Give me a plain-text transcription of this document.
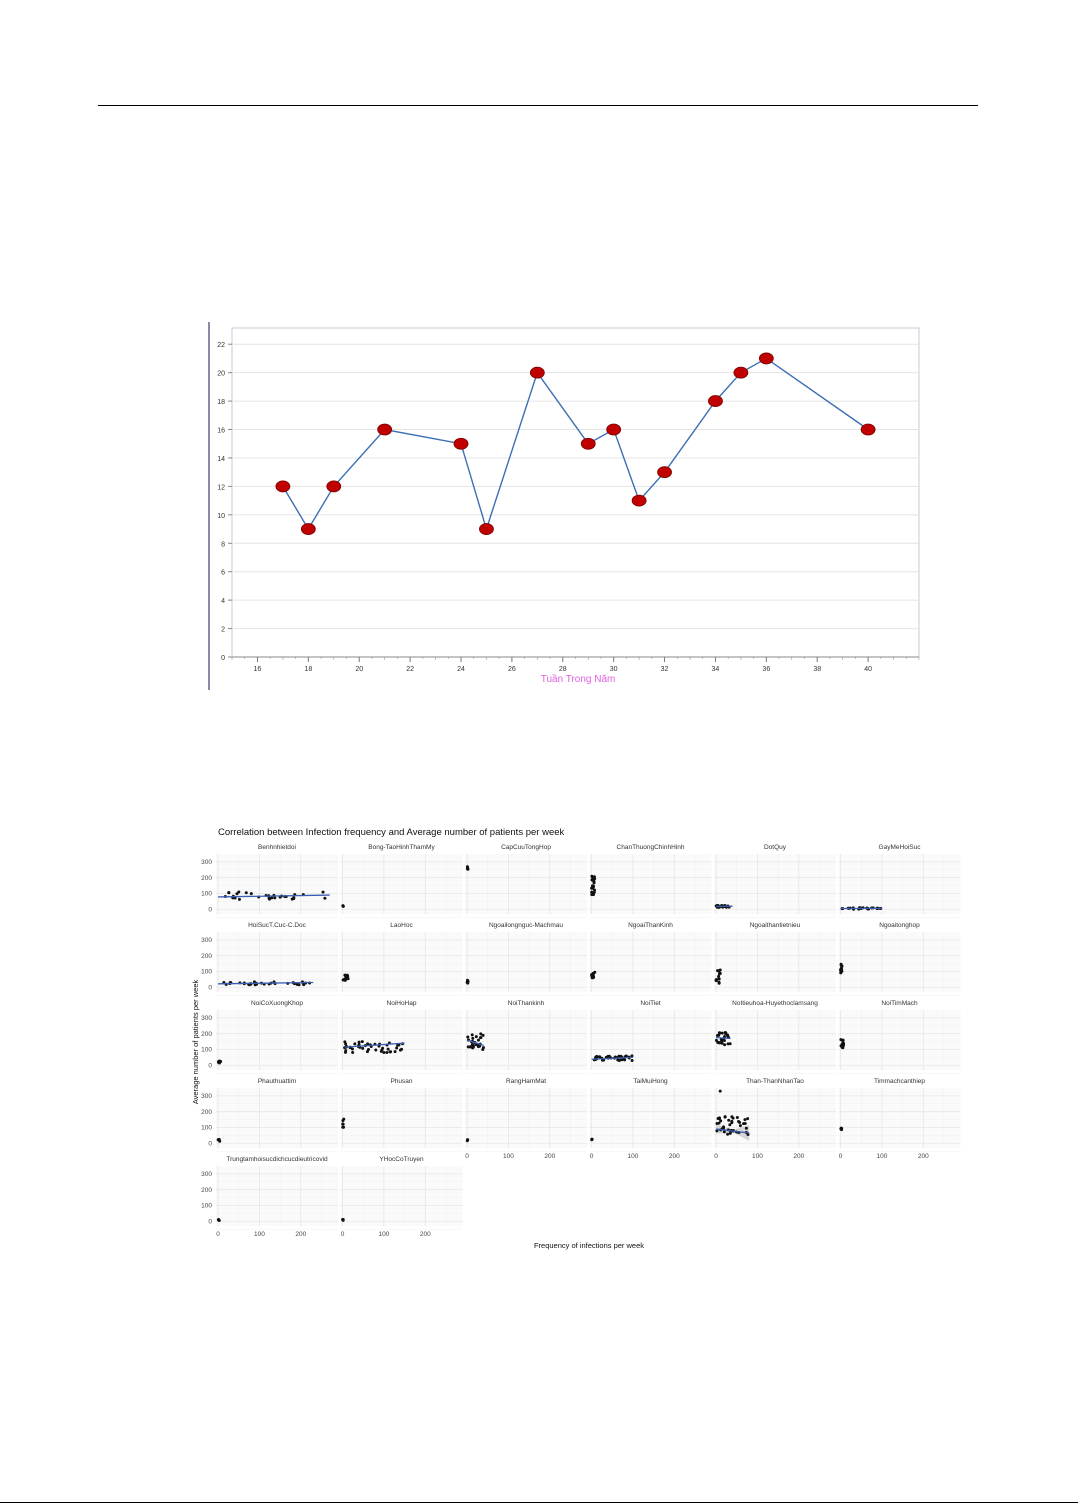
0
2
4
6
8
10
12
14
16
18
20
22
16	18	20	22	24	26	28	30	32	34	36	38	40
Tuần Trong Năm
Correlation between Infection frequency and Average number of patients per week
Benhnhietdoi
0
100
200
300
Bong-TaoHinhThamMy	CapCuuTongHop	ChanThuongChinhHinh	DotQuy	GayMeHoiSuc
HoiSucT.Cuc-C.Doc
0
100
200
300
LaoHoc	Ngoailongnguc-Machmau	NgoaiThanKinh	Ngoaithantietnieu	Ngoaitonghop
NoiCoXuongKhop
0
100
200
300
NoiHoHap	NoiThankinh	NoiTiet	NoItieuhoa-Huyethoclamsang	NoiTimMach
Phauthuattim
0
100
200
300
Phusan	RangHamMat
0	100	200
TaiMuiHong
0	100	200
Than-ThanNhanTao
0	100	200
Timmachcanthiep
0	100	200
Trungtamhoisucdichcucdieutricovid
0
100
200
300
0	100	200
YHocCoTruyen
0	100	200
Frequency of infections per week
Average number of patients per week
